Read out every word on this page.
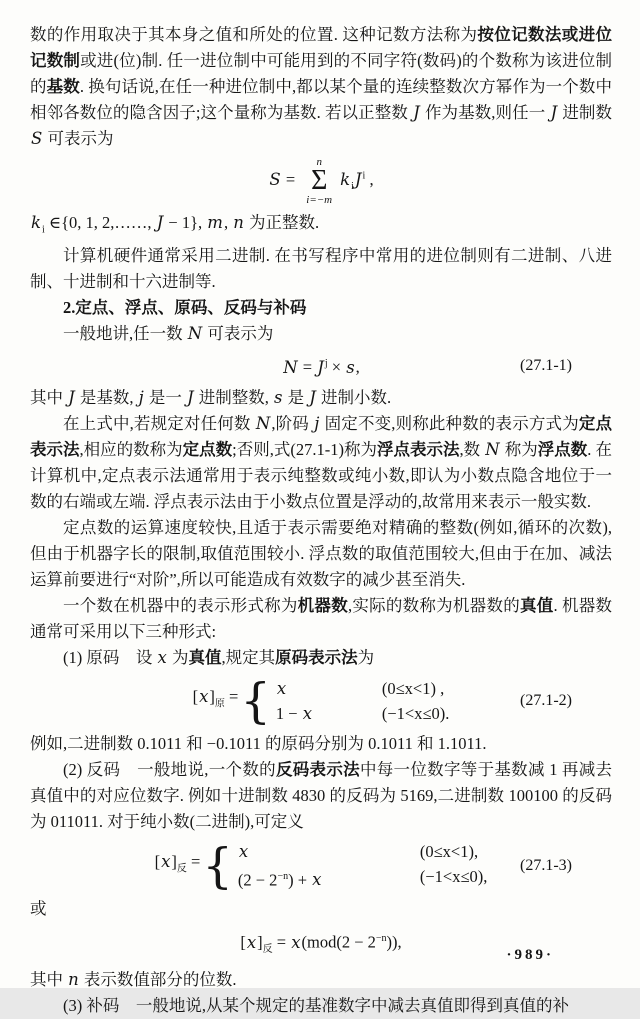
数的作用取决于其本身之值和所处的位置. 这种记数方法称为按位记数法或进位记数制或进(位)制. 任一进位制中可能用到的不同字符(数码)的个数称为该进位制的基数. 换句话说,在任一种进位制中,都以某个量的连续整数次方幂作为一个数中相邻各数位的隐含因子;这个量称为基数. 若以正整数 J 作为基数,则任一 J 进制数 S 可表示为

S =
n
Σ
i=−m
$k_iJ^i$ ,

$k_i$ ∈{0, 1, 2,……, J − 1}, m, n 为正整数.

计算机硬件通常采用二进制. 在书写程序中常用的进位制则有二进制、八进制、十进制和十六进制等.

2.定点、浮点、原码、反码与补码

一般地讲,任一数 N 可表示为

$N = J^j \times s$,	(27.1-1)

其中 J 是基数, j 是一 J 进制整数, s 是 J 进制小数.

在上式中,若规定对任何数 N,阶码 j 固定不变,则称此种数的表示方式为定点表示法,相应的数称为定点数;否则,式(27.1-1)称为浮点表示法,数 N 称为浮点数. 在计算机中,定点表示法通常用于表示纯整数或纯小数,即认为小数点隐含地位于一数的右端或左端. 浮点表示法由于小数点位置是浮动的,故常用来表示一般实数.

定点数的运算速度较快,且适于表示需要绝对精确的整数(例如,循环的次数),但由于机器字长的限制,取值范围较小. 浮点数的取值范围较大,但由于在加、减法运算前要进行“对阶”,所以可能造成有效数字的减少甚至消失.

一个数在机器中的表示形式称为机器数,实际的数称为机器数的真值. 机器数通常可采用以下三种形式:

(1) 原码　设 x 为真值,规定其原码表示法为

$[x]_原$ = { x	(0≤x<1) ,
1 − x	(−1<x≤0).
(27.1-2)

例如,二进制数 0.1011 和 −0.1011 的原码分别为 0.1011 和 1.1011.

(2) 反码　一般地说,一个数的反码表示法中每一位数字等于基数减 1 再减去真值中的对应位数字. 例如十进制数 4830 的反码为 5169,二进制数 100100 的反码为 011011. 对于纯小数(二进制),可定义

$[x]_反$ = { x	(0≤x<1),
$(2 - 2^{-n}) + x$	(−1<x≤0),
(27.1-3)

或

$[x]_反 = x(mod(2 - 2^{-n}))$,

其中 n 表示数值部分的位数.

(3) 补码　一般地说,从某个规定的基准数字中减去真值即得到真值的补

·989·
